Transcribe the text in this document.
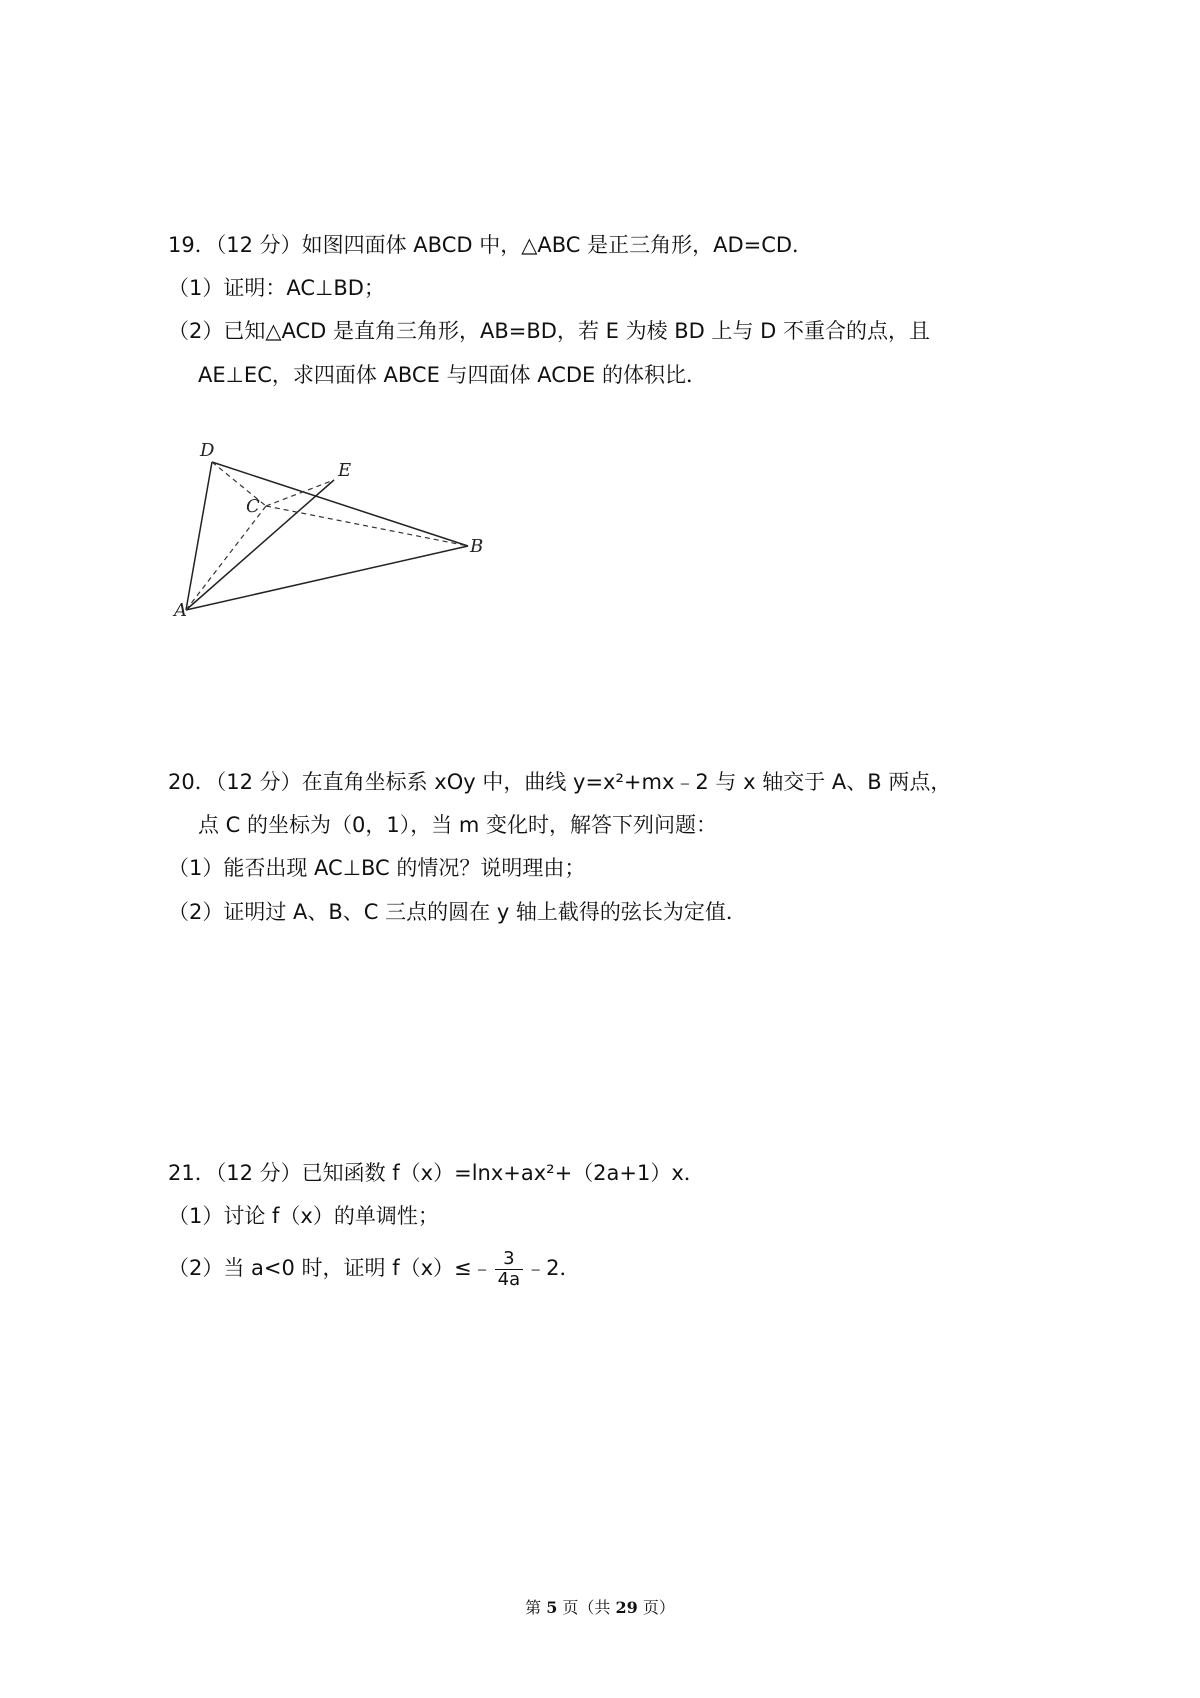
19．（12 分）如图四面体 ABCD 中，△ABC 是正三角形，AD=CD．
（1）证明：AC⊥BD；
（2）已知△ACD 是直角三角形，AB=BD，若 E 为棱 BD 上与 D 不重合的点，且
AE⊥EC，求四面体 ABCE 与四面体 ACDE 的体积比．
D
E
C
B
A
20．（12 分）在直角坐标系 xOy 中，曲线 y=x²+mx﹣2 与 x 轴交于 A、B 两点，
点 C 的坐标为（0，1），当 m 变化时，解答下列问题：
（1）能否出现 AC⊥BC 的情况？说明理由；
（2）证明过 A、B、C 三点的圆在 y 轴上截得的弦长为定值．
21．（12 分）已知函数 f（x）=lnx+ax²+（2a+1）x．
（1）讨论 f（x）的单调性；
（2）当 a<0 时，证明 f（x）≤﹣ $\frac{3}{4a}$ ﹣2．
第 5 页（共 29 页）
